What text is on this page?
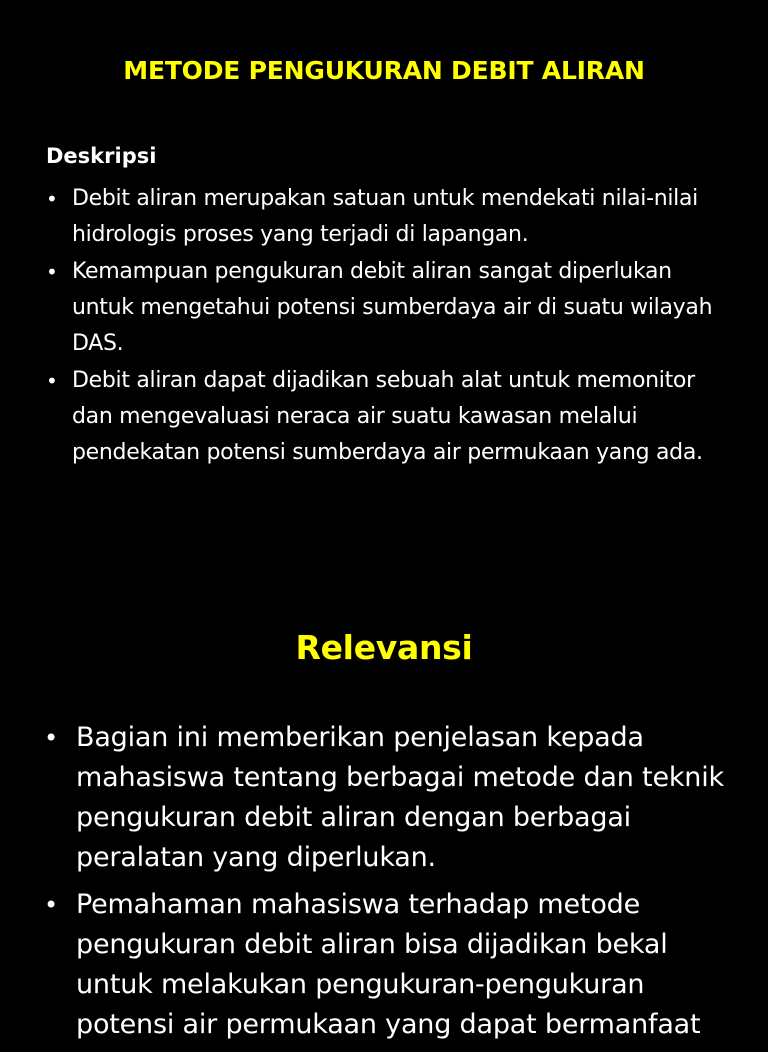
METODE PENGUKURAN DEBIT ALIRAN
Deskripsi
• Debit aliran merupakan satuan untuk mendekati nilai-nilai hidrologis proses yang terjadi di lapangan.
• Kemampuan pengukuran debit aliran sangat diperlukan untuk mengetahui potensi sumberdaya air di suatu wilayah DAS.
• Debit aliran dapat dijadikan sebuah alat untuk memonitor dan mengevaluasi neraca air suatu kawasan melalui pendekatan potensi sumberdaya air permukaan yang ada.
Relevansi
• Bagian ini memberikan penjelasan kepada mahasiswa tentang berbagai metode dan teknik pengukuran debit aliran dengan berbagai peralatan yang diperlukan.
• Pemahaman mahasiswa terhadap metode pengukuran debit aliran bisa dijadikan bekal untuk melakukan pengukuran-pengukuran potensi air permukaan yang dapat bermanfaat
